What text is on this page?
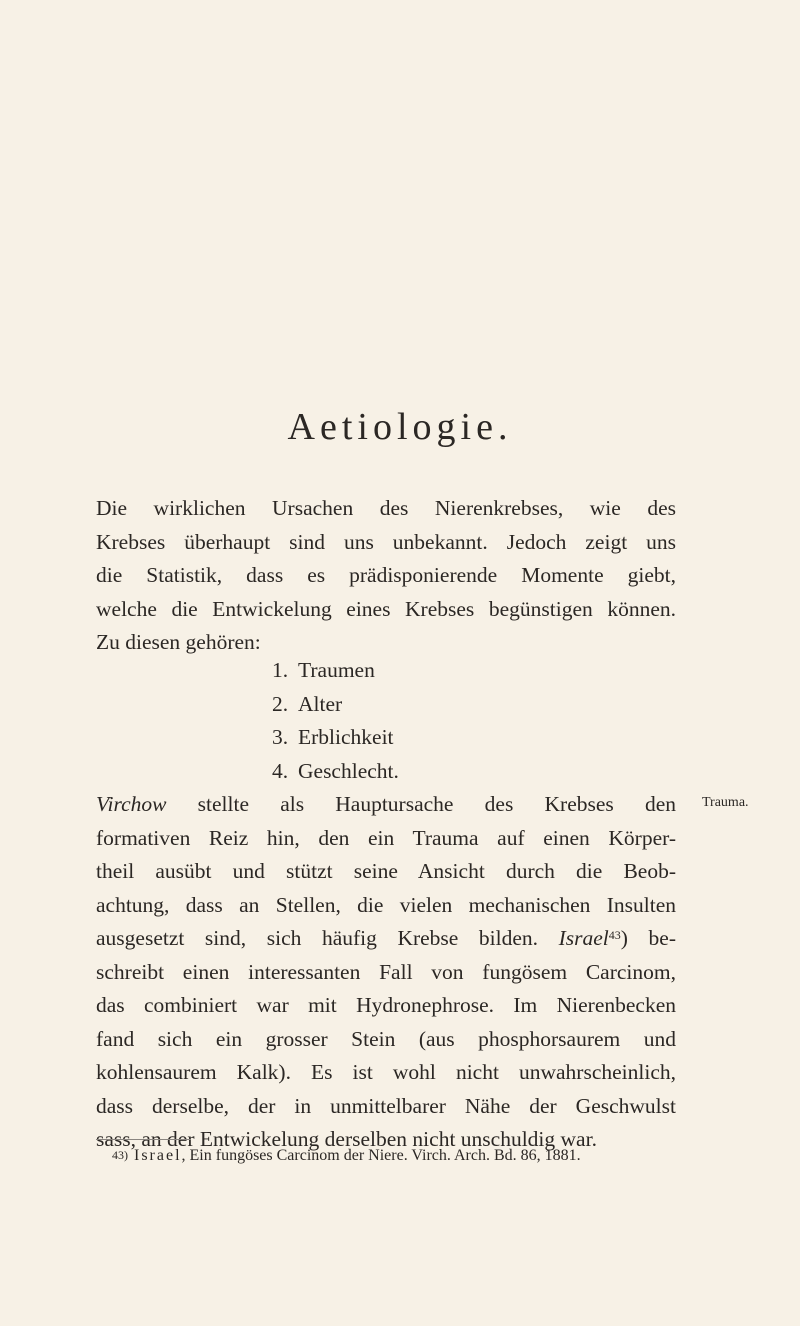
Aetiologie.
Die wirklichen Ursachen des Nierenkrebses, wie des
Krebses überhaupt sind uns unbekannt. Jedoch zeigt uns
die Statistik, dass es prädisponierende Momente giebt,
welche die Entwickelung eines Krebses begünstigen können.
Zu diesen gehören:
1. Traumen
2. Alter
3. Erblichkeit
4. Geschlecht.
Virchow stellte als Hauptursache des Krebses den
formativen Reiz hin, den ein Trauma auf einen Körper-
theil ausübt und stützt seine Ansicht durch die Beob-
achtung, dass an Stellen, die vielen mechanischen Insulten
ausgesetzt sind, sich häufig Krebse bilden. Israel$^{43}$) be-
schreibt einen interessanten Fall von fungösem Carcinom,
das combiniert war mit Hydronephrose. Im Nierenbecken
fand sich ein grosser Stein (aus phosphorsaurem und
kohlensaurem Kalk). Es ist wohl nicht unwahrscheinlich,
dass derselbe, der in unmittelbarer Nähe der Geschwulst
sass, an der Entwickelung derselben nicht unschuldig war.
Trauma.
$^{43)}$ Israel, Ein fungöses Carcinom der Niere. Virch. Arch. Bd. 86, 1881.
